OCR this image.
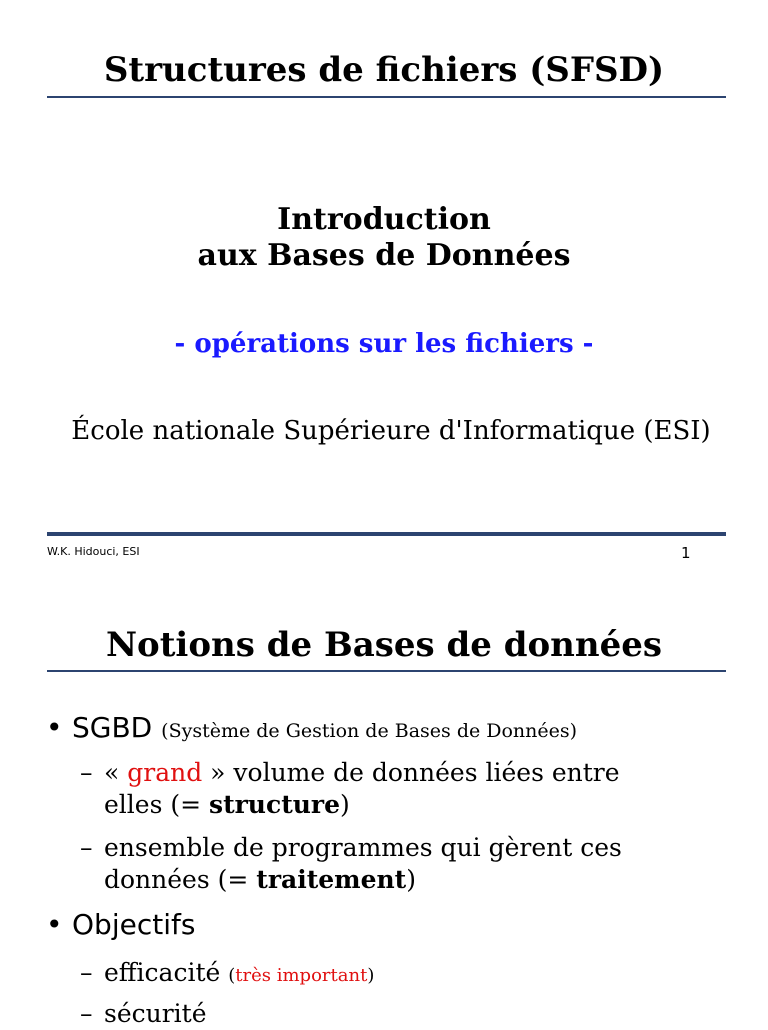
Structures de fichiers (SFSD)
Introduction
aux Bases de Données
- opérations sur les fichiers -
École nationale Supérieure d'Informatique (ESI)
W.K. Hidouci, ESI	1
Notions de Bases de données
• SGBD (Système de Gestion de Bases de Données)
– « grand » volume de données liées entre
elles (= structure)
– ensemble de programmes qui gèrent ces
données (= traitement)
• Objectifs
– efficacité (très important)
– sécurité
